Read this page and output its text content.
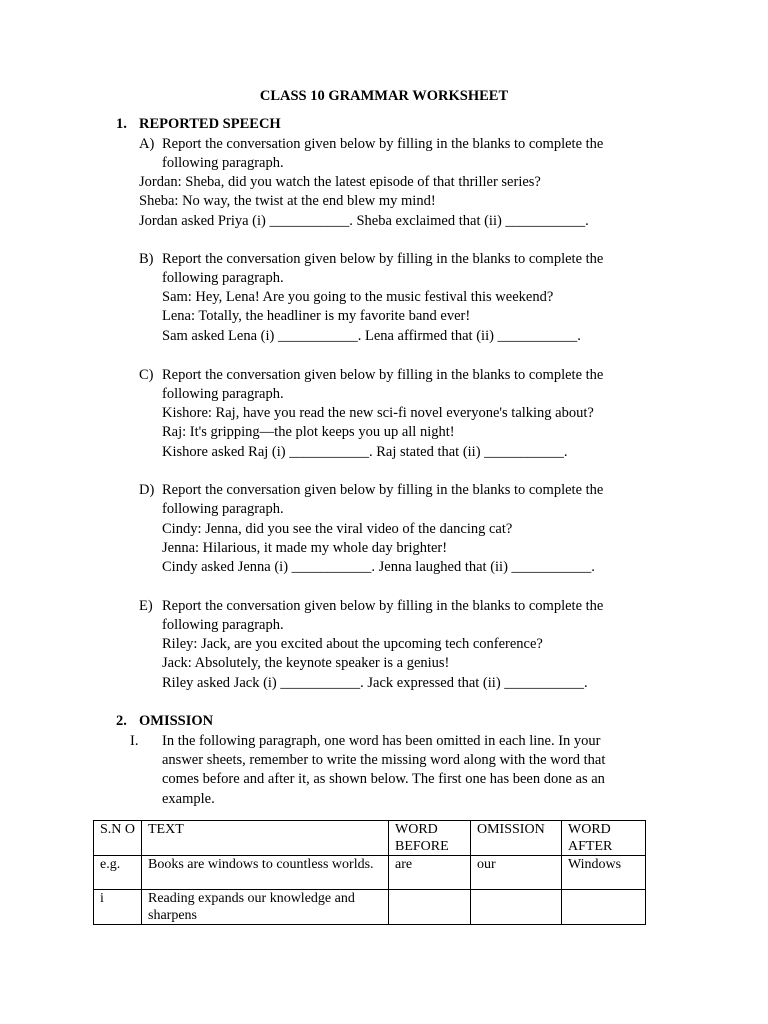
CLASS 10 GRAMMAR WORKSHEET
1. REPORTED SPEECH
A) Report the conversation given below by filling in the blanks to complete the
following paragraph.
Jordan: Sheba, did you watch the latest episode of that thriller series?
Sheba: No way, the twist at the end blew my mind!
Jordan asked Priya (i) ___________. Sheba exclaimed that (ii) ___________.
B) Report the conversation given below by filling in the blanks to complete the
following paragraph.
Sam: Hey, Lena! Are you going to the music festival this weekend?
Lena: Totally, the headliner is my favorite band ever!
Sam asked Lena (i) ___________. Lena affirmed that (ii) ___________.
C) Report the conversation given below by filling in the blanks to complete the
following paragraph.
Kishore: Raj, have you read the new sci-fi novel everyone's talking about?
Raj: It's gripping—the plot keeps you up all night!
Kishore asked Raj (i) ___________. Raj stated that (ii) ___________.
D) Report the conversation given below by filling in the blanks to complete the
following paragraph.
Cindy: Jenna, did you see the viral video of the dancing cat?
Jenna: Hilarious, it made my whole day brighter!
Cindy asked Jenna (i) ___________. Jenna laughed that (ii) ___________.
E) Report the conversation given below by filling in the blanks to complete the
following paragraph.
Riley: Jack, are you excited about the upcoming tech conference?
Jack: Absolutely, the keynote speaker is a genius!
Riley asked Jack (i) ___________. Jack expressed that (ii) ___________.
2. OMISSION
I. In the following paragraph, one word has been omitted in each line. In your
answer sheets, remember to write the missing word along with the word that
comes before and after it, as shown below. The first one has been done as an
example.
S.N O	TEXT	WORD BEFORE	OMISSION	WORD AFTER
e.g.	Books are windows to countless worlds.	are	our	Windows
i	Reading expands our knowledge and sharpens			
